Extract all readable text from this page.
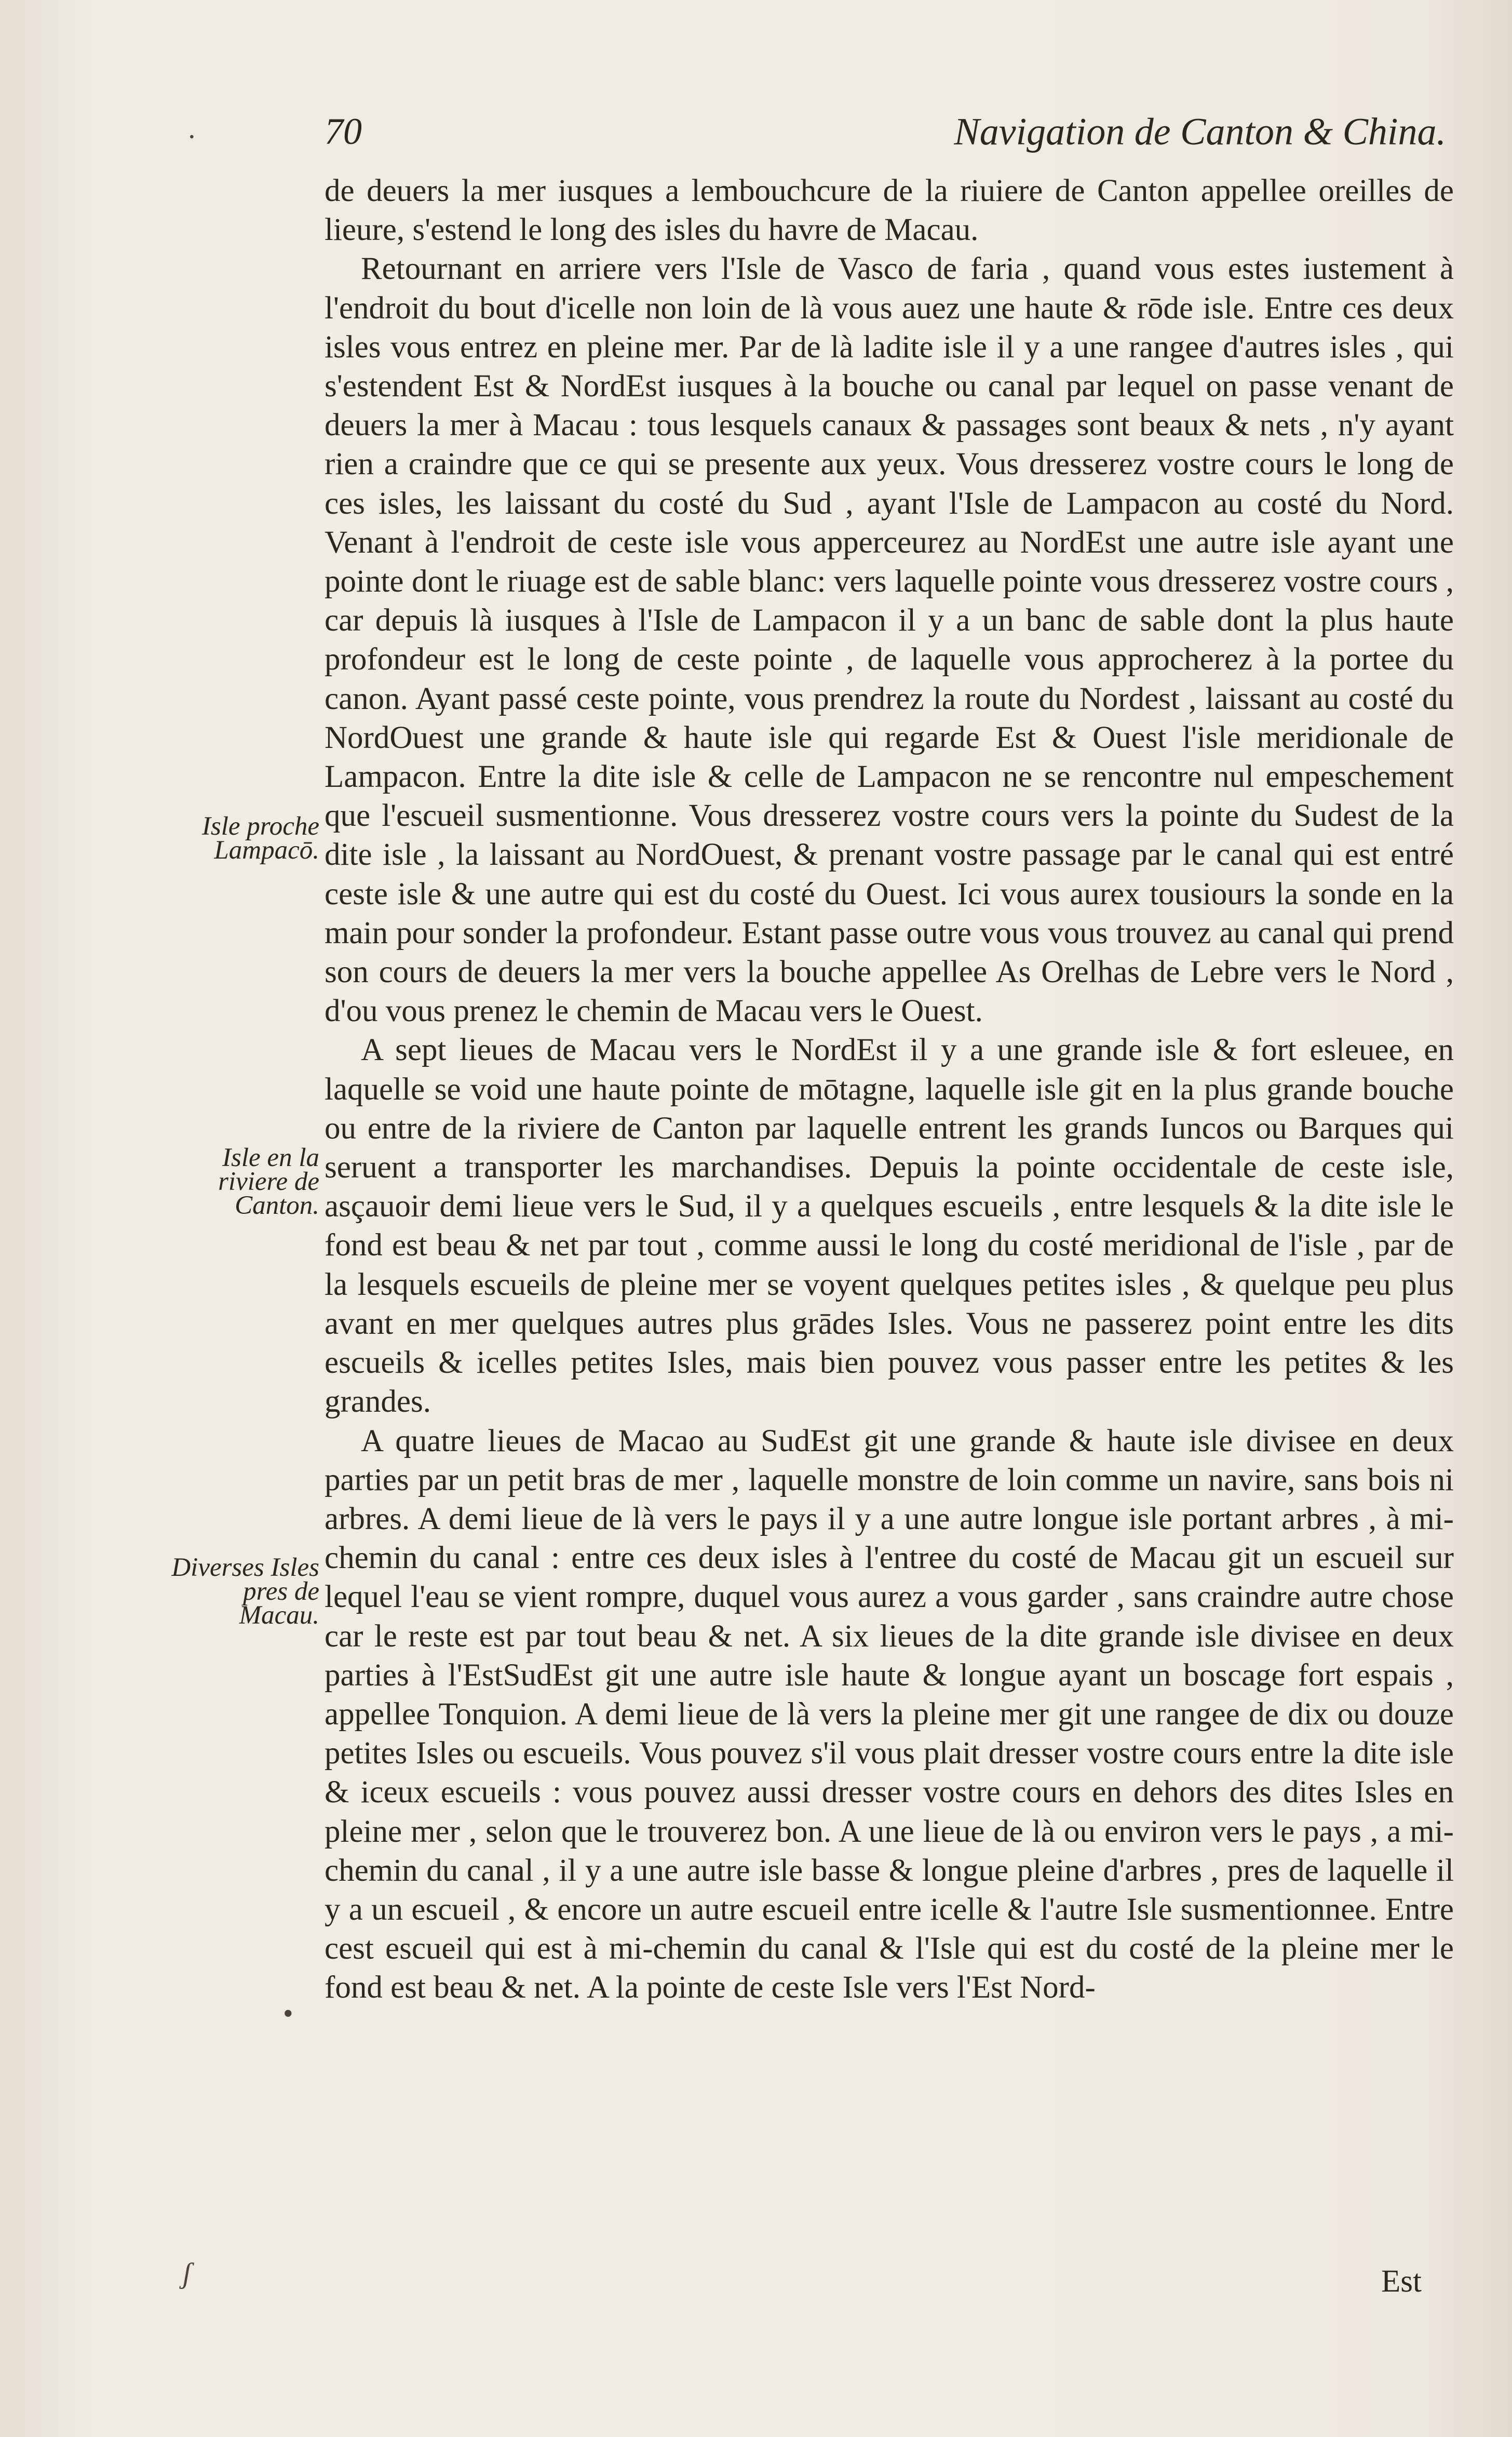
·	70	Navigation de Canton & China.

de deuers la mer iusques a lembouchcure de la riuiere de Canton appellee oreilles de lieure, s'estend le long des isles du havre de Macau.

Retournant en arriere vers l'Isle de Vasco de faria , quand vous estes iustement à l'endroit du bout d'icelle non loin de là vous auez une haute & rōde isle. Entre ces deux isles vous entrez en pleine mer. Par de là ladite isle il y a une rangee d'autres isles , qui s'estendent Est & NordEst iusques à la bouche ou canal par lequel on passe venant de deuers la mer à Macau : tous lesquels canaux & passages sont beaux & nets , n'y ayant rien a craindre que ce qui se presente aux yeux. Vous dresserez vostre cours le long de ces isles, les laissant du costé du Sud , ayant l'Isle de Lampacon au costé du Nord. Venant à l'endroit de ceste isle vous apperceurez au NordEst une autre isle ayant une pointe dont le riuage est de sable blanc: vers laquelle pointe vous dresserez vostre cours , car depuis là iusques à l'Isle de Lampacon il y a un banc de sable dont la plus haute profondeur est le long de ceste pointe , de laquelle vous approcherez à la portee du canon. Ayant passé ceste pointe, vous prendrez la route du Nordest , laissant au costé du NordOuest une grande & haute isle qui regarde Est & Ouest l'isle meridionale de Lampacon. Entre la dite isle & celle de Lampacon ne se rencontre nul empeschement que l'escueil susmentionne. Vous dresserez vostre cours vers la pointe du Sudest de la dite isle , la laissant au NordOuest, & prenant vostre passage par le canal qui est entré ceste isle & une autre qui est du costé du Ouest. Ici vous aurex tousiours la sonde en la main pour sonder la profondeur. Estant passe outre vous vous trouvez au canal qui prend son cours de deuers la mer vers la bouche appellee As Orelhas de Lebre vers le Nord , d'ou vous prenez le chemin de Macau vers le Ouest.

A sept lieues de Macau vers le NordEst il y a une grande isle & fort esleuee, en laquelle se void une haute pointe de mōtagne, laquelle isle git en la plus grande bouche ou entre de la riviere de Canton par laquelle entrent les grands Iuncos ou Barques qui seruent a transporter les marchandises. Depuis la pointe occidentale de ceste isle, asçauoir demi lieue vers le Sud, il y a quelques escueils , entre lesquels & la dite isle le fond est beau & net par tout , comme aussi le long du costé meridional de l'isle , par de la lesquels escueils de pleine mer se voyent quelques petites isles , & quelque peu plus avant en mer quelques autres plus grādes Isles. Vous ne passerez point entre les dits escueils & icelles petites Isles, mais bien pouvez vous passer entre les petites & les grandes.

A quatre lieues de Macao au SudEst git une grande & haute isle divisee en deux parties par un petit bras de mer , laquelle monstre de loin comme un navire, sans bois ni arbres. A demi lieue de là vers le pays il y a une autre longue isle portant arbres , à mi-chemin du canal : entre ces deux isles à l'entree du costé de Macau git un escueil sur lequel l'eau se vient rompre, duquel vous aurez a vous garder , sans craindre autre chose car le reste est par tout beau & net. A six lieues de la dite grande isle divisee en deux parties à l'EstSudEst git une autre isle haute & longue ayant un boscage fort espais , appellee Tonquion. A demi lieue de là vers la pleine mer git une rangee de dix ou douze petites Isles ou escueils. Vous pouvez s'il vous plait dresser vostre cours entre la dite isle & iceux escueils : vous pouvez aussi dresser vostre cours en dehors des dites Isles en pleine mer , selon que le trouverez bon. A une lieue de là ou environ vers le pays , a mi-chemin du canal , il y a une autre isle basse & longue pleine d'arbres , pres de laquelle il y a un escueil , & encore un autre escueil entre icelle & l'autre Isle susmentionnee. Entre cest escueil qui est à mi-chemin du canal & l'Isle qui est du costé de la pleine mer le fond est beau & net. A la pointe de ceste Isle vers l'Est Nord-

Isle proche Lampacō.
Isle en la riviere de Canton.
Diverses Isles pres de Macau.
•
ʃ	Est
